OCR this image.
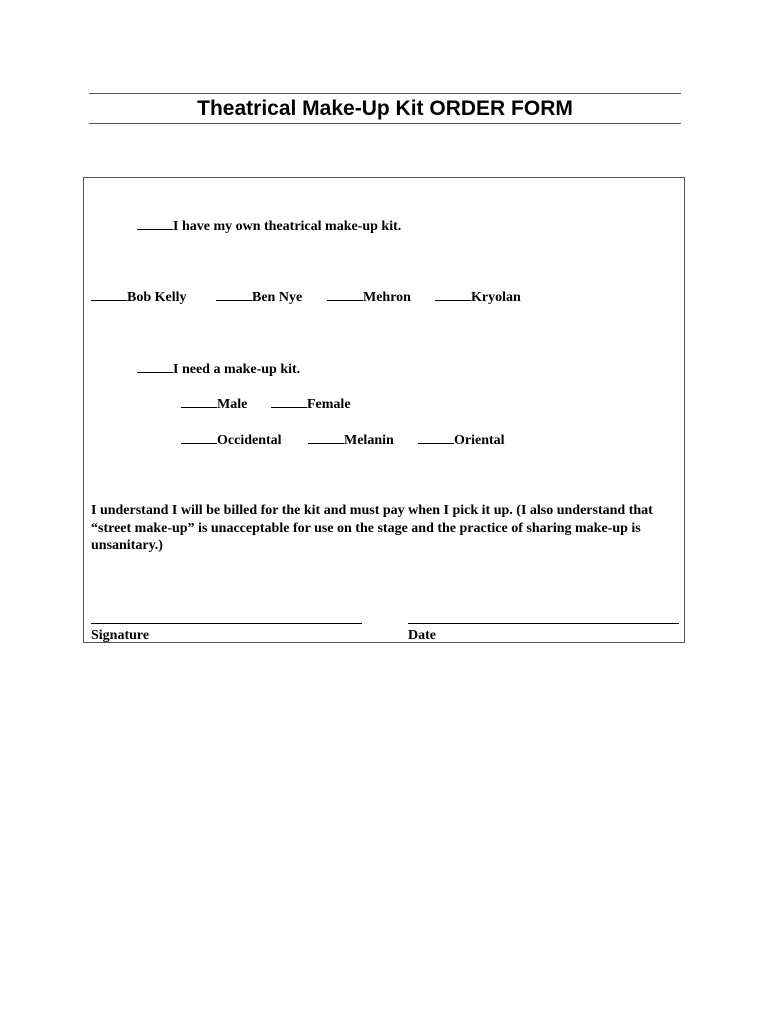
Theatrical Make-Up Kit ORDER FORM
I have my own theatrical make-up kit.
Bob Kelly	Ben Nye	Mehron	Kryolan
I need a make-up kit.
Male	Female
Occidental	Melanin	Oriental
I understand I will be billed for the kit and must pay when I pick it up. (I also understand that “street make-up” is unacceptable for use on the stage and the practice of sharing make-up is unsanitary.)
Signature	Date
